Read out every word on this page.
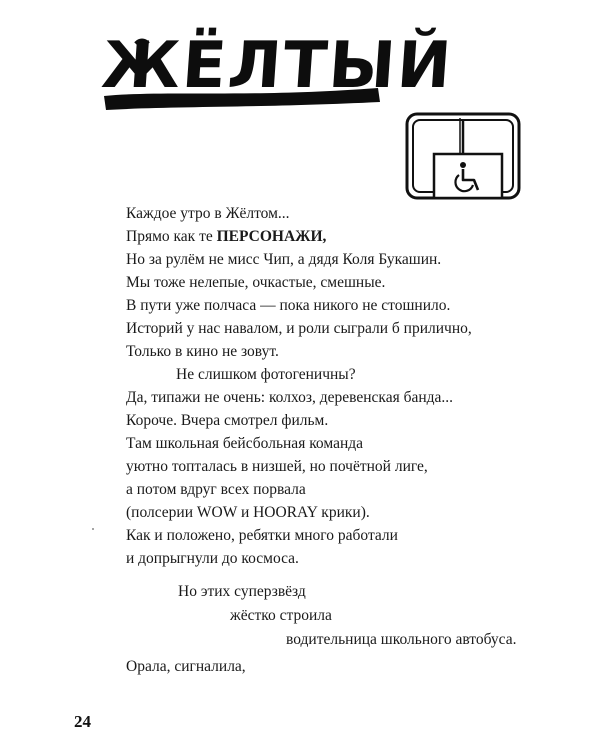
ЖЁЛТЫЙ
Каждое утро в Жёлтом...
Прямо как те ПЕРСОНАЖИ,
Но за рулём не мисс Чип, а дядя Коля Букашин.
Мы тоже нелепые, очкастые, смешные.
В пути уже полчаса — пока никого не стошнило.
Историй у нас навалом, и роли сыграли б прилично,
Только в кино не зовут.
Не слишком фотогеничны?
Да, типажи не очень: колхоз, деревенская банда...
Короче. Вчера смотрел фильм.
Там школьная бейсбольная команда
уютно топталась в низшей, но почётной лиге,
а потом вдруг всех порвала
(полсерии WOW и HOORAY крики).
Как и положено, ребятки много работали
и допрыгнули до космоса.
Но этих суперзвёзд
жёстко строила
водительница школьного автобуса.
Орала, сигналила,
24
